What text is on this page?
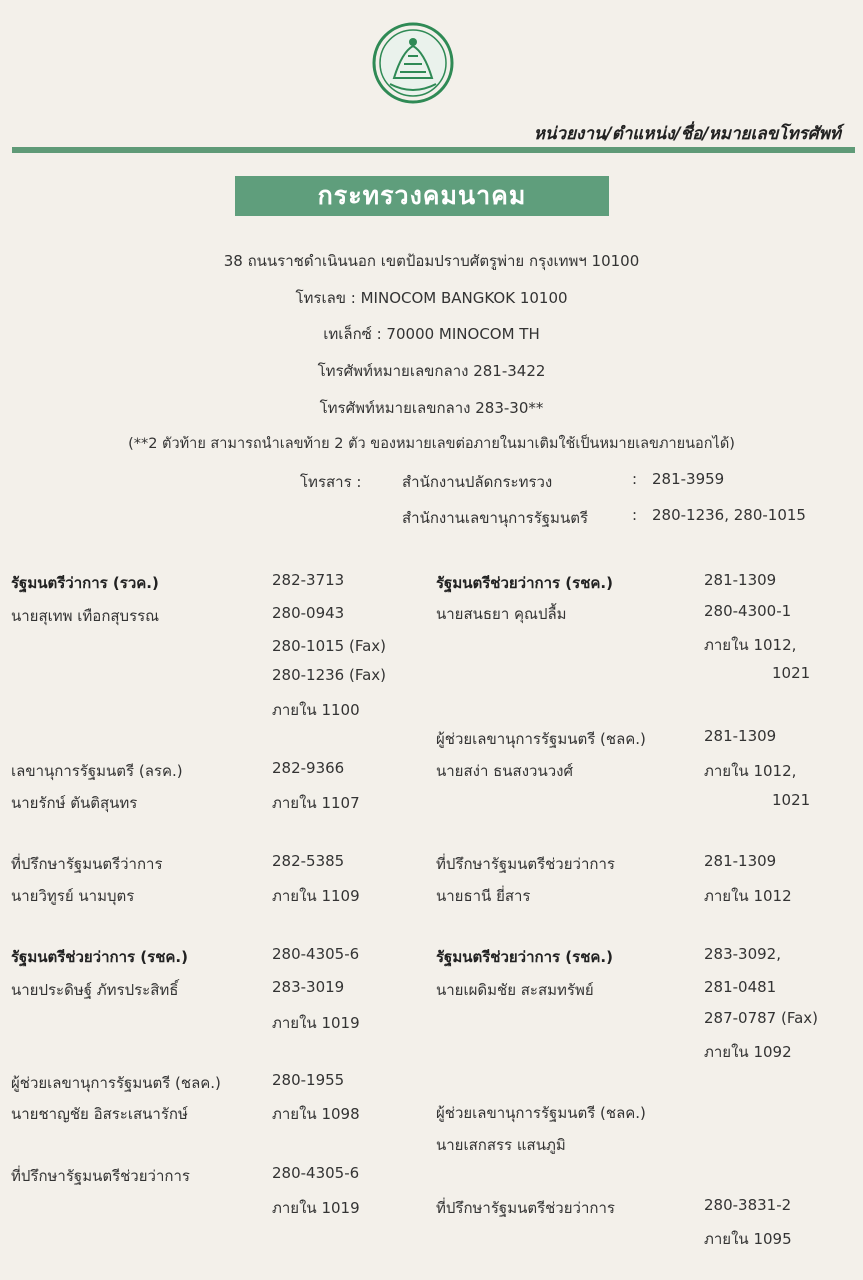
หน่วยงาน/ตำแหน่ง/ชื่อ/หมายเลขโทรศัพท์
กระทรวงคมนาคม
38 ถนนราชดำเนินนอก เขตป้อมปราบศัตรูพ่าย กรุงเทพฯ 10100
โทรเลข : MINOCOM BANGKOK 10100
เทเล็กซ์ : 70000 MINOCOM TH
โทรศัพท์หมายเลขกลาง 281-3422
โทรศัพท์หมายเลขกลาง 283-30**
(**2 ตัวท้าย สามารถนำเลขท้าย 2 ตัว ของหมายเลขต่อภายในมาเติมใช้เป็นหมายเลขภายนอกได้)
โทรสาร :	สำนักงานปลัดกระทรวง	: 281-3959
สำนักงานเลขานุการรัฐมนตรี	: 280-1236, 280-1015
รัฐมนตรีว่าการ (รวค.)	282-3713
นายสุเทพ เทือกสุบรรณ	280-0943
280-1015 (Fax)
280-1236 (Fax)
ภายใน 1100
เลขานุการรัฐมนตรี (ลรค.)	282-9366
นายรักษ์ ตันติสุนทร	ภายใน 1107
ที่ปรึกษารัฐมนตรีว่าการ	282-5385
นายวิทูรย์ นามบุตร	ภายใน 1109
รัฐมนตรีช่วยว่าการ (รชค.)	280-4305-6
นายประดิษฐ์ ภัทรประสิทธิ์	283-3019
ภายใน 1019
ผู้ช่วยเลขานุการรัฐมนตรี (ชลค.)	280-1955
นายชาญชัย อิสระเสนารักษ์	ภายใน 1098
ที่ปรึกษารัฐมนตรีช่วยว่าการ	280-4305-6
ภายใน 1019
รัฐมนตรีช่วยว่าการ (รชค.)	281-1309
นายสนธยา คุณปลื้ม	280-4300-1
ภายใน 1012,
1021
ผู้ช่วยเลขานุการรัฐมนตรี (ชลค.)	281-1309
นายสง่า ธนสงวนวงศ์	ภายใน 1012,
1021
ที่ปรึกษารัฐมนตรีช่วยว่าการ	281-1309
นายธานี ยี่สาร	ภายใน 1012
รัฐมนตรีช่วยว่าการ (รชค.)	283-3092,
นายเผดิมชัย สะสมทรัพย์	281-0481
287-0787 (Fax)
ภายใน 1092
ผู้ช่วยเลขานุการรัฐมนตรี (ชลค.)
นายเสกสรร แสนภูมิ
ที่ปรึกษารัฐมนตรีช่วยว่าการ	280-3831-2
ภายใน 1095
